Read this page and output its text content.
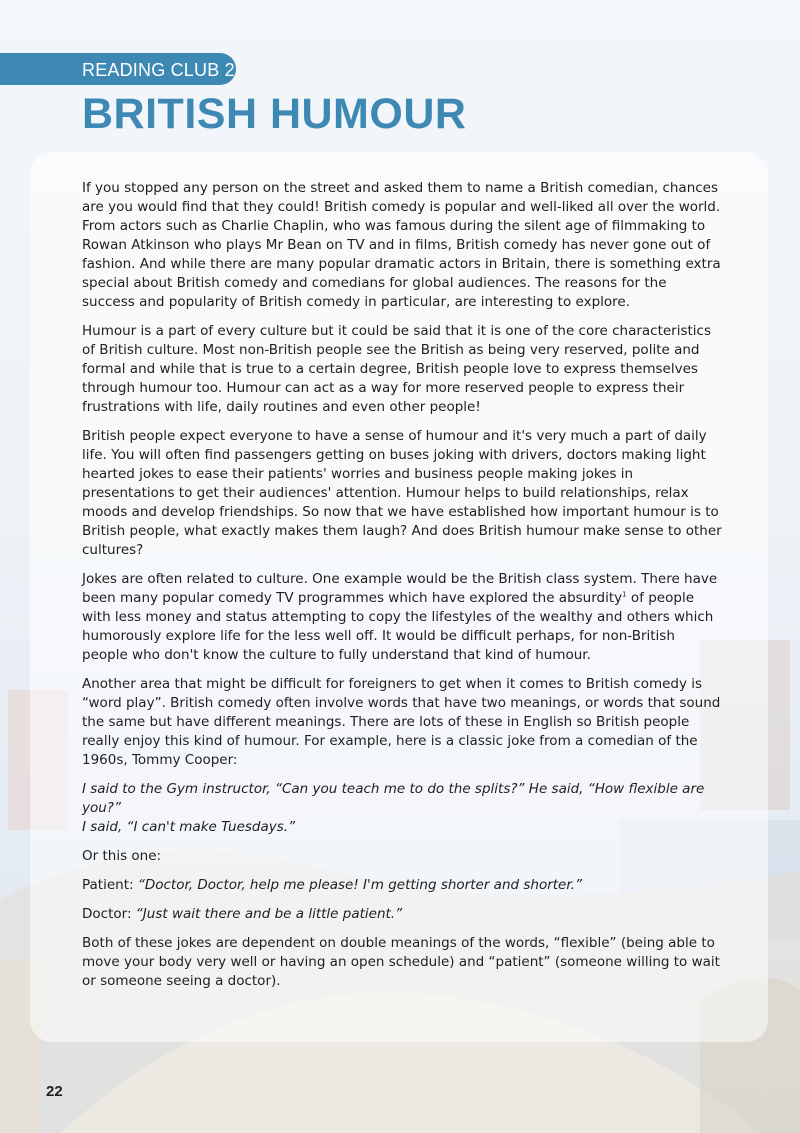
READING CLUB 2
BRITISH HUMOUR

If you stopped any person on the street and asked them to name a British comedian, chances are you would find that they could! British comedy is popular and well-liked all over the world. From actors such as Charlie Chaplin, who was famous during the silent age of filmmaking to Rowan Atkinson who plays Mr Bean on TV and in films, British comedy has never gone out of fashion. And while there are many popular dramatic actors in Britain, there is something extra special about British comedy and comedians for global audiences. The reasons for the success and popularity of British comedy in particular, are interesting to explore.

Humour is a part of every culture but it could be said that it is one of the core characteristics of British culture. Most non-British people see the British as being very reserved, polite and formal and while that is true to a certain degree, British people love to express themselves through humour too. Humour can act as a way for more reserved people to express their frustrations with life, daily routines and even other people!

British people expect everyone to have a sense of humour and it's very much a part of daily life. You will often find passengers getting on buses joking with drivers, doctors making light hearted jokes to ease their patients' worries and business people making jokes in presentations to get their audiences' attention. Humour helps to build relationships, relax moods and develop friendships. So now that we have established how important humour is to British people, what exactly makes them laugh? And does British humour make sense to other cultures?

Jokes are often related to culture. One example would be the British class system. There have been many popular comedy TV programmes which have explored the absurdity$^1$ of people with less money and status attempting to copy the lifestyles of the wealthy and others which humorously explore life for the less well off. It would be difficult perhaps, for non-British people who don't know the culture to fully understand that kind of humour.

Another area that might be difficult for foreigners to get when it comes to British comedy is “word play”. British comedy often involve words that have two meanings, or words that sound the same but have different meanings. There are lots of these in English so British people really enjoy this kind of humour. For example, here is a classic joke from a comedian of the 1960s, Tommy Cooper:

I said to the Gym instructor, “Can you teach me to do the splits?” He said, “How flexible are you?”
I said, “I can't make Tuesdays.”

Or this one:

Patient: “Doctor, Doctor, help me please! I'm getting shorter and shorter.”

Doctor: “Just wait there and be a little patient.”

Both of these jokes are dependent on double meanings of the words, “flexible” (being able to move your body very well or having an open schedule) and “patient” (someone willing to wait or someone seeing a doctor).

22
